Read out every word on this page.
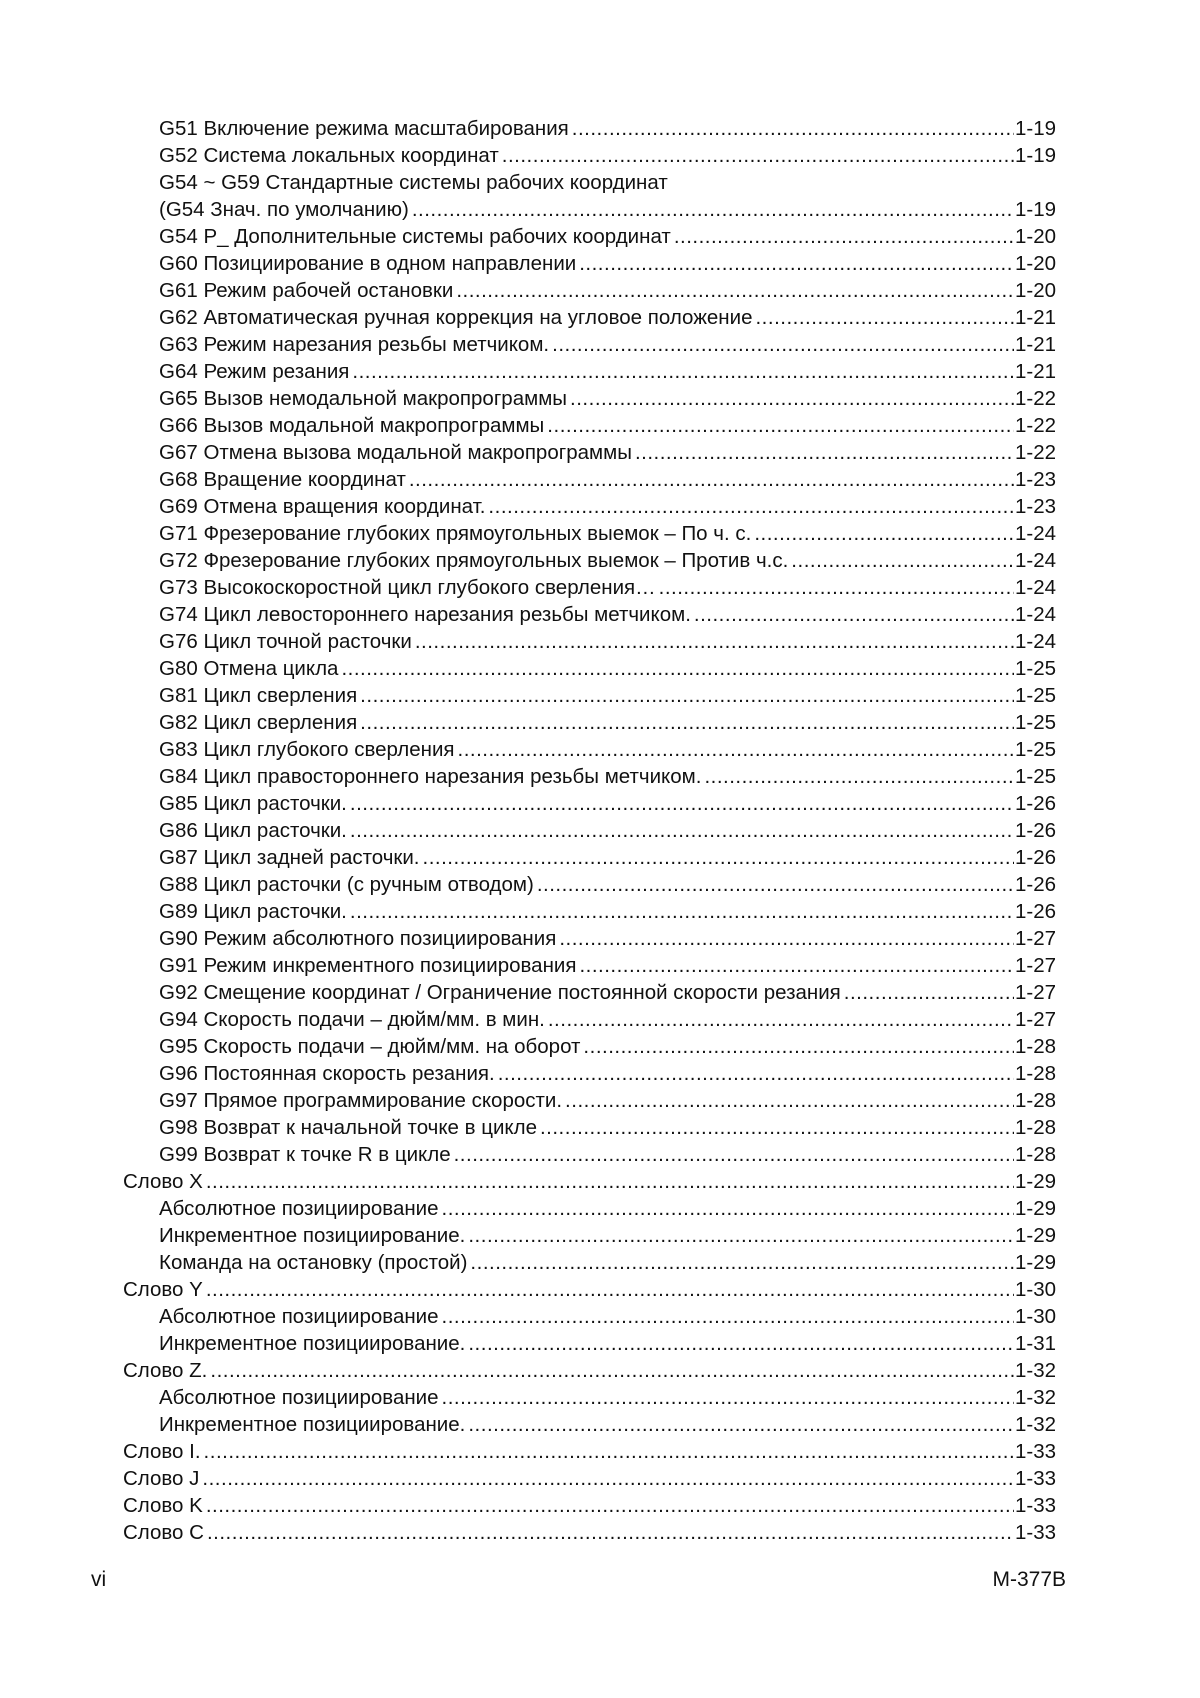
G51 Включение режима масштабирования .....	1-19
G52 Система локальных координат .....	1-19
G54 ~ G59 Стандартные системы рабочих координат
(G54 Знач. по умолчанию) .....	1-19
G54 P_ Дополнительные системы рабочих координат .....	1-20
G60 Позициирование в одном направлении .....	1-20
G61 Режим рабочей остановки .....	1-20
G62 Автоматическая ручная коррекция на угловое положение .....	1-21
G63 Режим нарезания резьбы метчиком. .....	1-21
G64 Режим резания .....	1-21
G65 Вызов немодальной макропрограммы .....	1-22
G66 Вызов модальной макропрограммы .....	1-22
G67 Отмена вызова модальной макропрограммы .....	1-22
G68 Вращение координат .....	1-23
G69 Отмена вращения координат. .....	1-23
G71 Фрезерование глубоких прямоугольных выемок – По ч. с. .....	1-24
G72 Фрезерование глубоких прямоугольных выемок – Против ч.с. .....	1-24
G73 Высокоскоростной цикл глубокого сверления… .....	1-24
G74 Цикл левостороннего нарезания резьбы метчиком. .....	1-24
G76 Цикл точной расточки .....	1-24
G80 Отмена цикла .....	1-25
G81 Цикл сверления .....	1-25
G82 Цикл сверления .....	1-25
G83 Цикл глубокого сверления .....	1-25
G84 Цикл правостороннего нарезания резьбы метчиком. .....	1-25
G85 Цикл расточки. .....	1-26
G86 Цикл расточки. .....	1-26
G87 Цикл задней расточки. .....	1-26
G88 Цикл расточки (с ручным отводом) .....	1-26
G89 Цикл расточки. .....	1-26
G90 Режим абсолютного позициирования .....	1-27
G91 Режим инкрементного позициирования .....	1-27
G92 Смещение координат / Ограничение постоянной скорости резания .....	1-27
G94 Скорость подачи – дюйм/мм. в мин. .....	1-27
G95 Скорость подачи – дюйм/мм. на оборот .....	1-28
G96 Постоянная скорость резания. .....	1-28
G97 Прямое программирование скорости. .....	1-28
G98 Возврат к начальной точке в цикле .....	1-28
G99 Возврат к точке R в цикле .....	1-28
Слово X .....	1-29
Абсолютное позициирование .....	1-29
Инкрементное позициирование. .....	1-29
Команда на остановку (простой) .....	1-29
Слово Y .....	1-30
Абсолютное позициирование .....	1-30
Инкрементное позициирование. .....	1-31
Слово Z. .....	1-32
Абсолютное позициирование .....	1-32
Инкрементное позициирование. .....	1-32
Слово I. .....	1-33
Слово J .....	1-33
Слово K .....	1-33
Слово C .....	1-33
vi	M-377B
